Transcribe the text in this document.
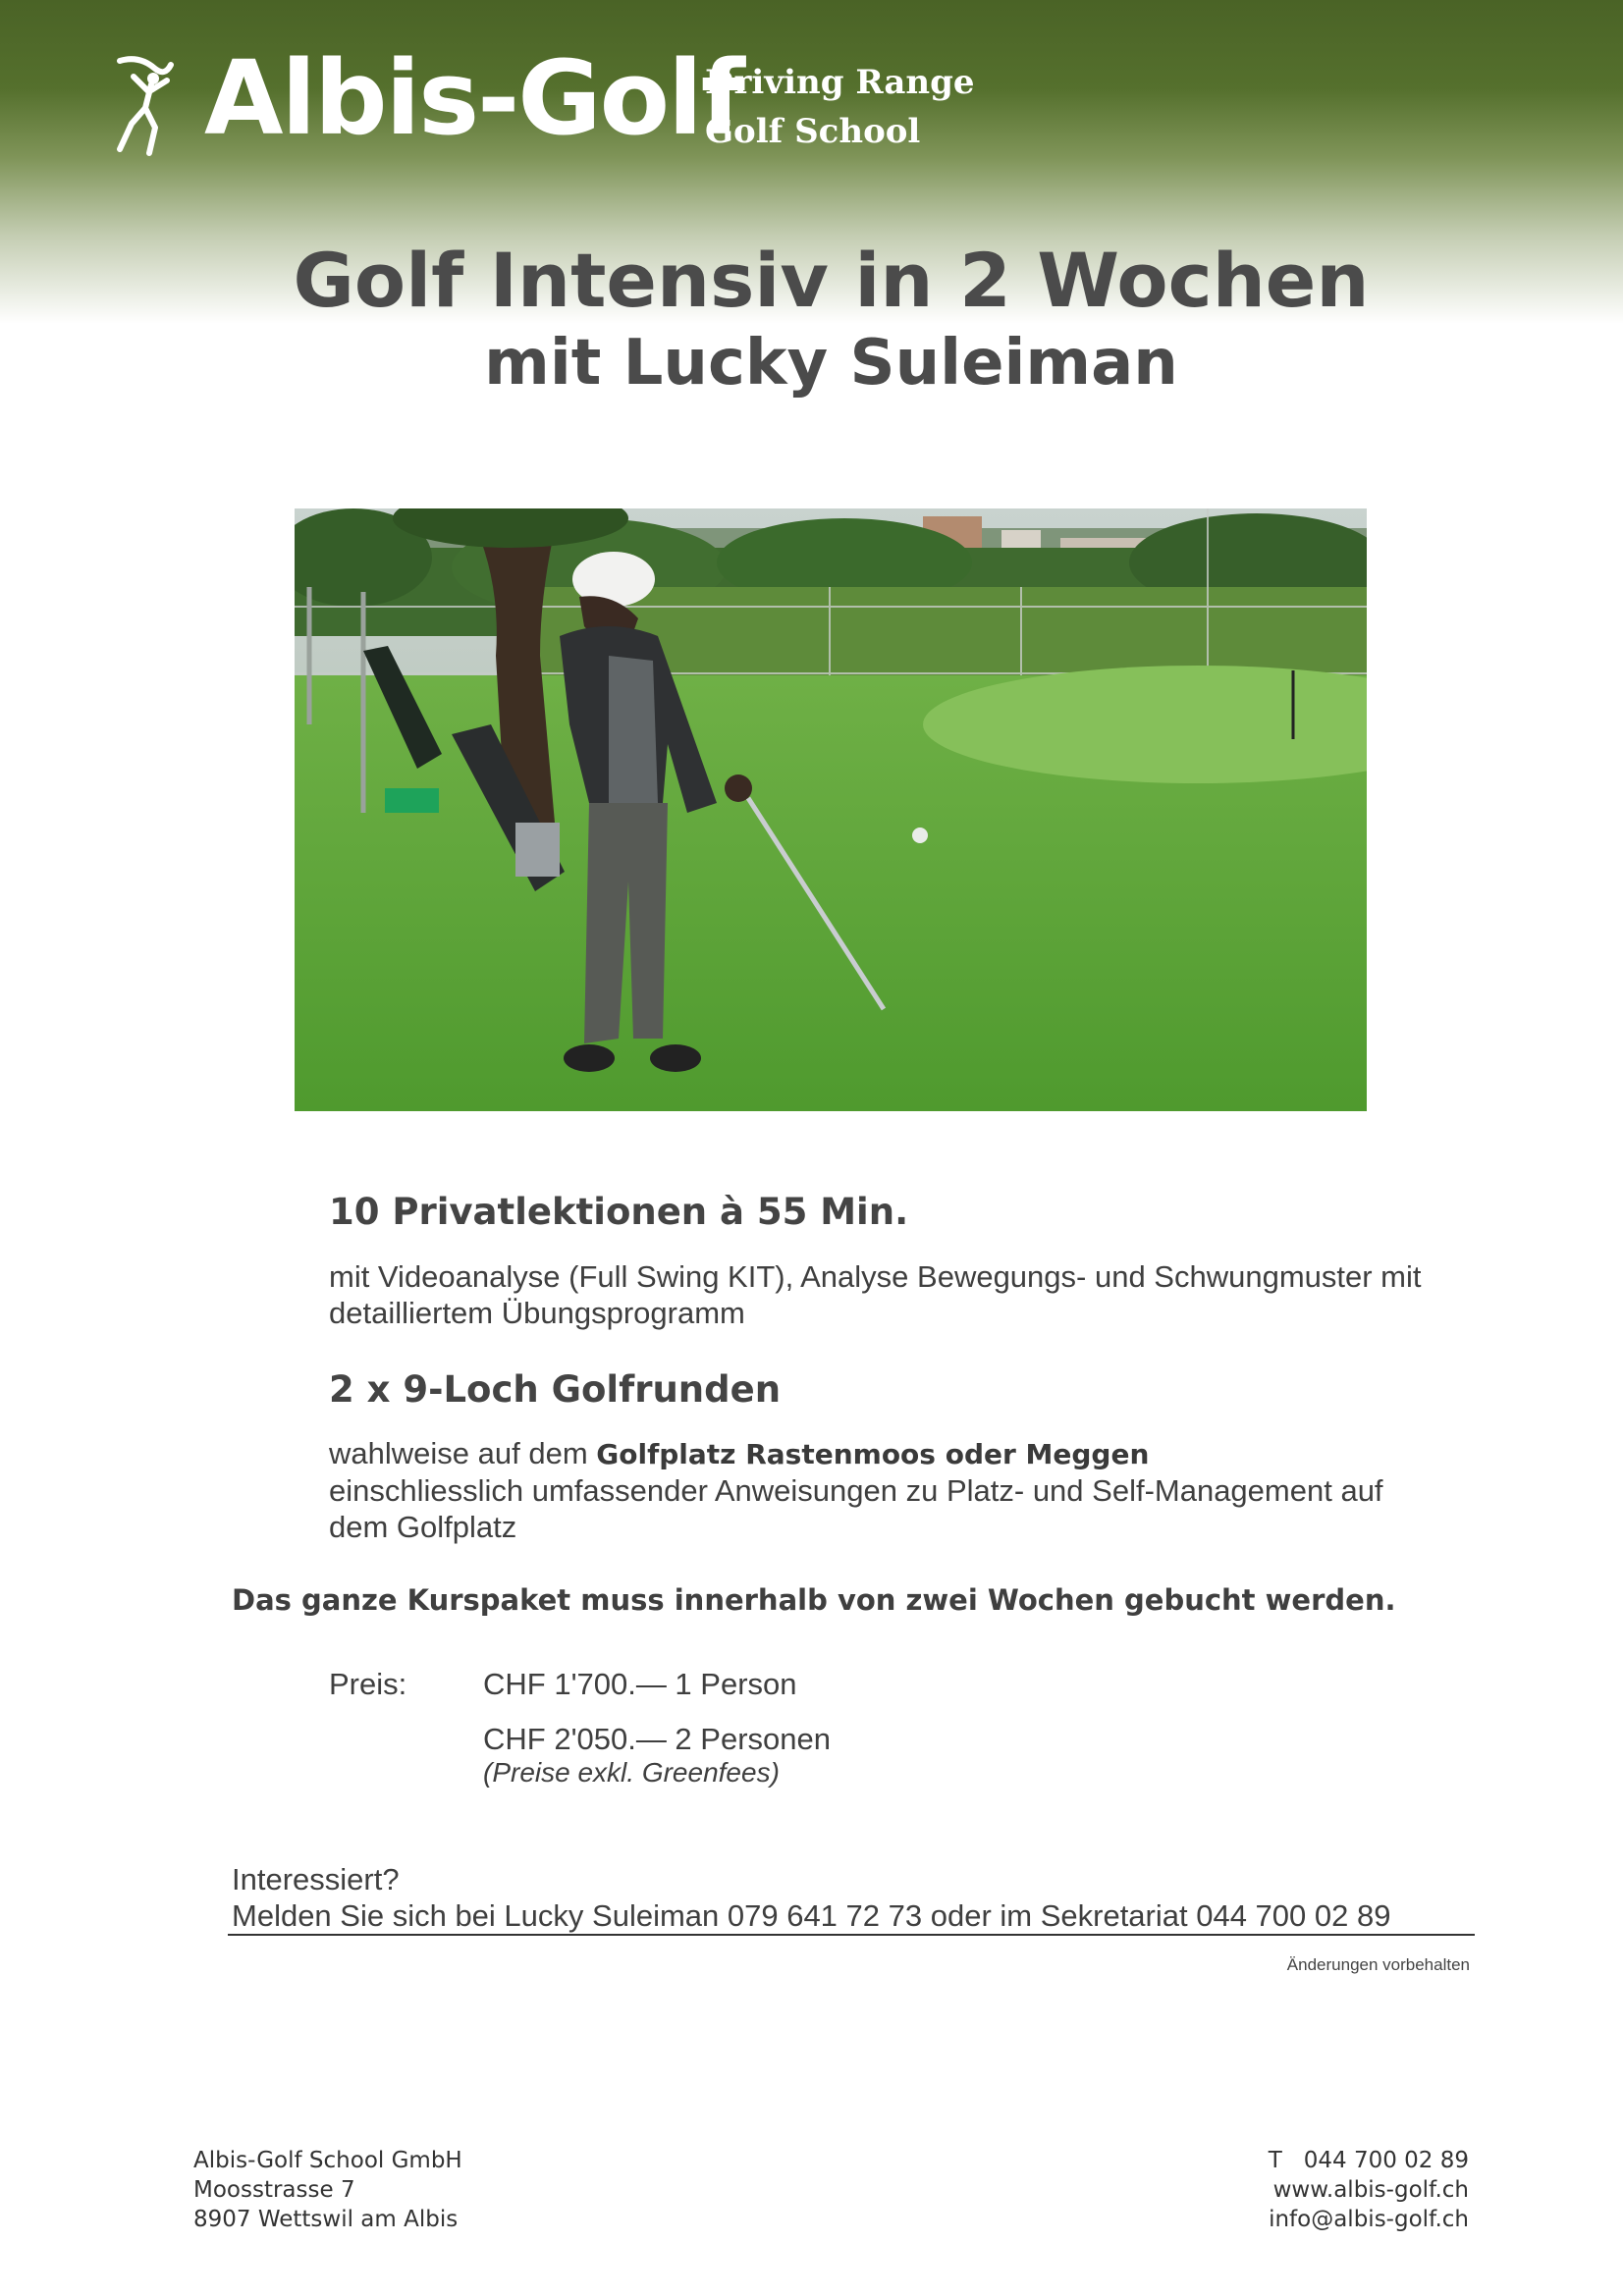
Albis-Golf
Driving Range
Golf School
Golf Intensiv in 2 Wochen
mit Lucky Suleiman
10 Privatlektionen à 55 Min.
mit Videoanalyse (Full Swing KIT), Analyse Bewegungs- und Schwungmuster mit detailliertem Übungsprogramm
2 x 9-Loch Golfrunden
wahlweise auf dem Golfplatz Rastenmoos oder Meggen
einschliesslich umfassender Anweisungen zu Platz- und Self-Management auf dem Golfplatz
Das ganze Kurspaket muss innerhalb von zwei Wochen gebucht werden.
Preis:	CHF 1'700.— 1 Person
CHF 2'050.— 2 Personen
(Preise exkl. Greenfees)
Interessiert?
Melden Sie sich bei Lucky Suleiman 079 641 72 73 oder im Sekretariat 044 700 02 89
Änderungen vorbehalten
Albis-Golf School GmbH
Moosstrasse 7
8907 Wettswil am Albis
T   044 700 02 89
www.albis-golf.ch
info@albis-golf.ch
